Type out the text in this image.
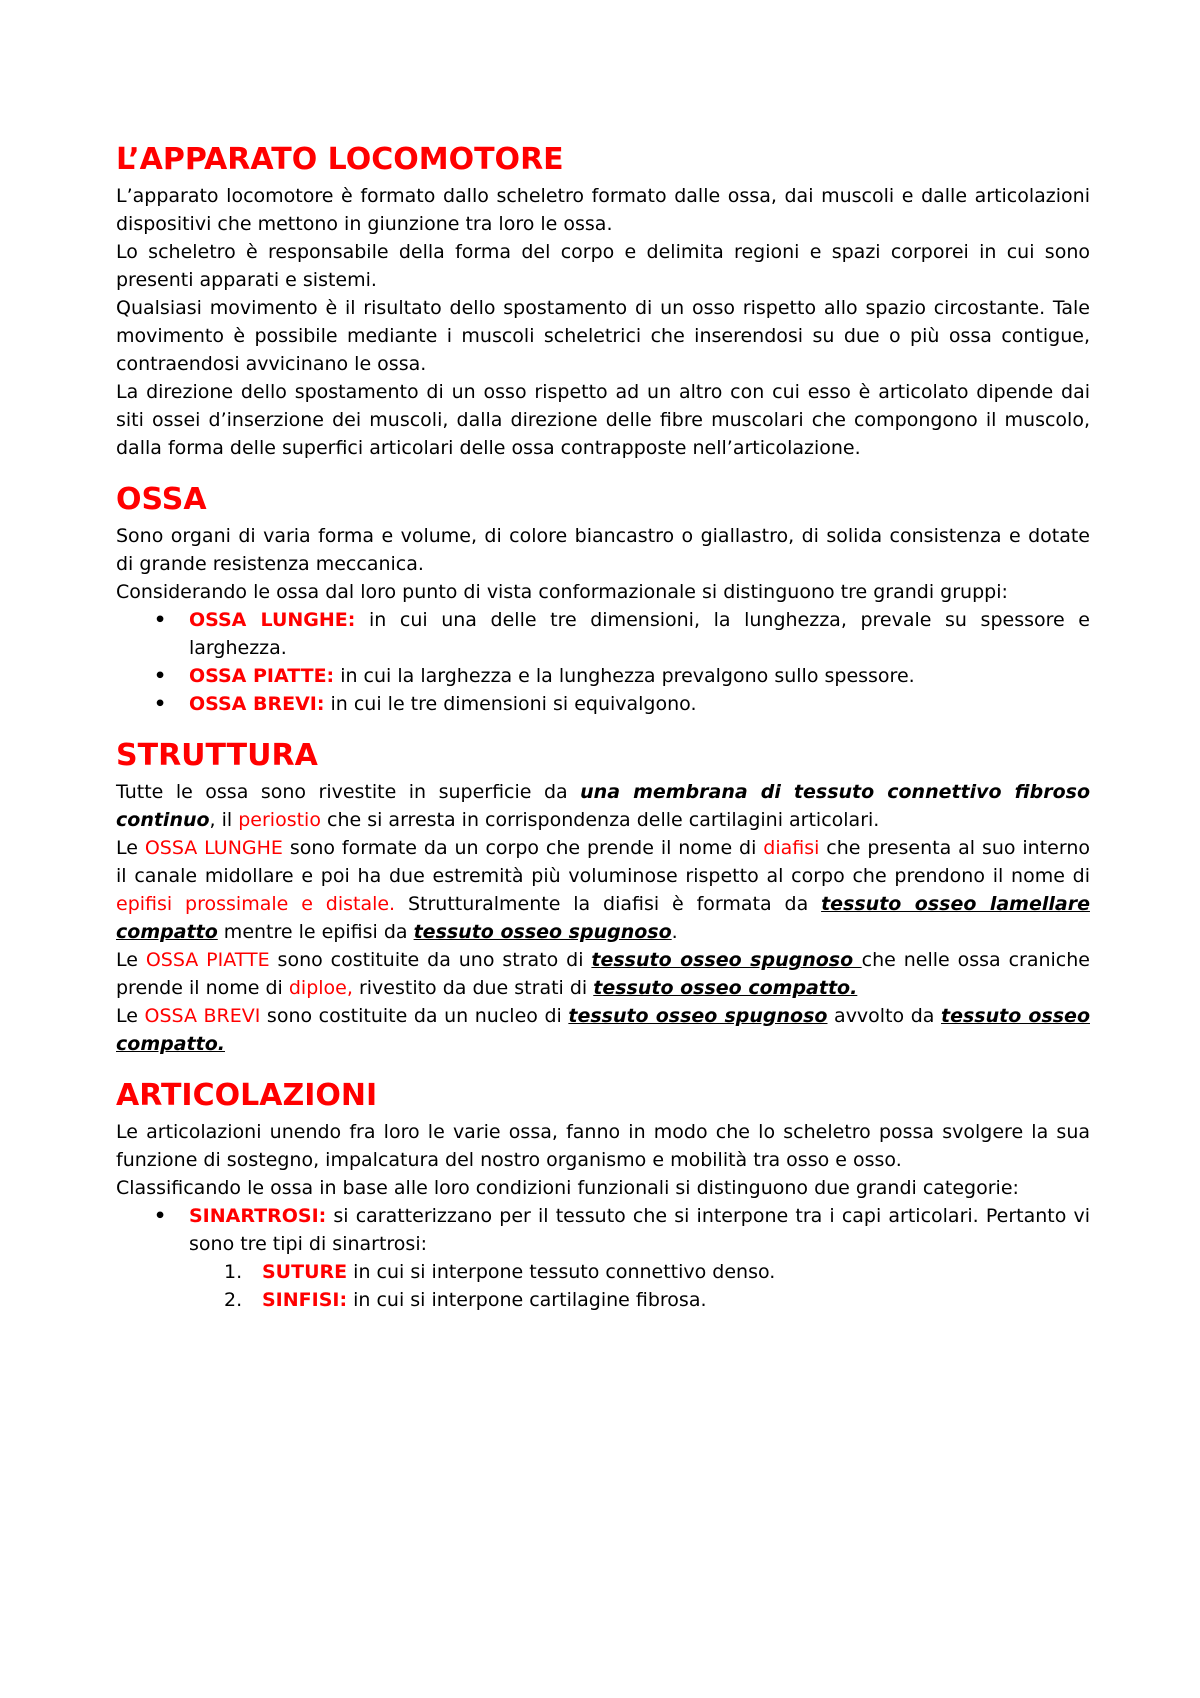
L’APPARATO LOCOMOTORE

L’apparato locomotore è formato dallo scheletro formato dalle ossa, dai muscoli e dalle articolazioni dispositivi che mettono in giunzione tra loro le ossa.

Lo scheletro è responsabile della forma del corpo e delimita regioni e spazi corporei in cui sono presenti apparati e sistemi.

Qualsiasi movimento è il risultato dello spostamento di un osso rispetto allo spazio circostante. Tale movimento è possibile mediante i muscoli scheletrici che inserendosi su due o più ossa contigue, contraendosi avvicinano le ossa.

La direzione dello spostamento di un osso rispetto ad un altro con cui esso è articolato dipende dai siti ossei d’inserzione dei muscoli, dalla direzione delle fibre muscolari che compongono il muscolo, dalla forma delle superfici articolari delle ossa contrapposte nell’articolazione.

OSSA

Sono organi di varia forma e volume, di colore biancastro o giallastro, di solida consistenza e dotate di grande resistenza meccanica.

Considerando le ossa dal loro punto di vista conformazionale si distinguono tre grandi gruppi:

•	OSSA LUNGHE: in cui una delle tre dimensioni, la lunghezza, prevale su spessore e larghezza.
•	OSSA PIATTE: in cui la larghezza e la lunghezza prevalgono sullo spessore.
•	OSSA BREVI: in cui le tre dimensioni si equivalgono.
STRUTTURA

Tutte le ossa sono rivestite in superficie da una membrana di tessuto connettivo fibroso continuo, il periostio che si arresta in corrispondenza delle cartilagini articolari.

Le OSSA LUNGHE sono formate da un corpo che prende il nome di diafisi che presenta al suo interno il canale midollare e poi ha due estremità più voluminose rispetto al corpo che prendono il nome di epifisi prossimale e distale. Strutturalmente la diafisi è formata da tessuto osseo lamellare compatto mentre le epifisi da tessuto osseo spugnoso.

Le OSSA PIATTE sono costituite da uno strato di tessuto osseo spugnoso che nelle ossa craniche prende il nome di diploe, rivestito da due strati di tessuto osseo compatto.

Le OSSA BREVI sono costituite da un nucleo di tessuto osseo spugnoso avvolto da tessuto osseo compatto.

ARTICOLAZIONI

Le articolazioni unendo fra loro le varie ossa, fanno in modo che lo scheletro possa svolgere la sua funzione di sostegno, impalcatura del nostro organismo e mobilità tra osso e osso.

Classificando le ossa in base alle loro condizioni funzionali si distinguono due grandi categorie:

•	SINARTROSI: si caratterizzano per il tessuto che si interpone tra i capi articolari. Pertanto vi sono tre tipi di sinartrosi:
1. SUTURE in cui si interpone tessuto connettivo denso.
2. SINFISI: in cui si interpone cartilagine fibrosa.
